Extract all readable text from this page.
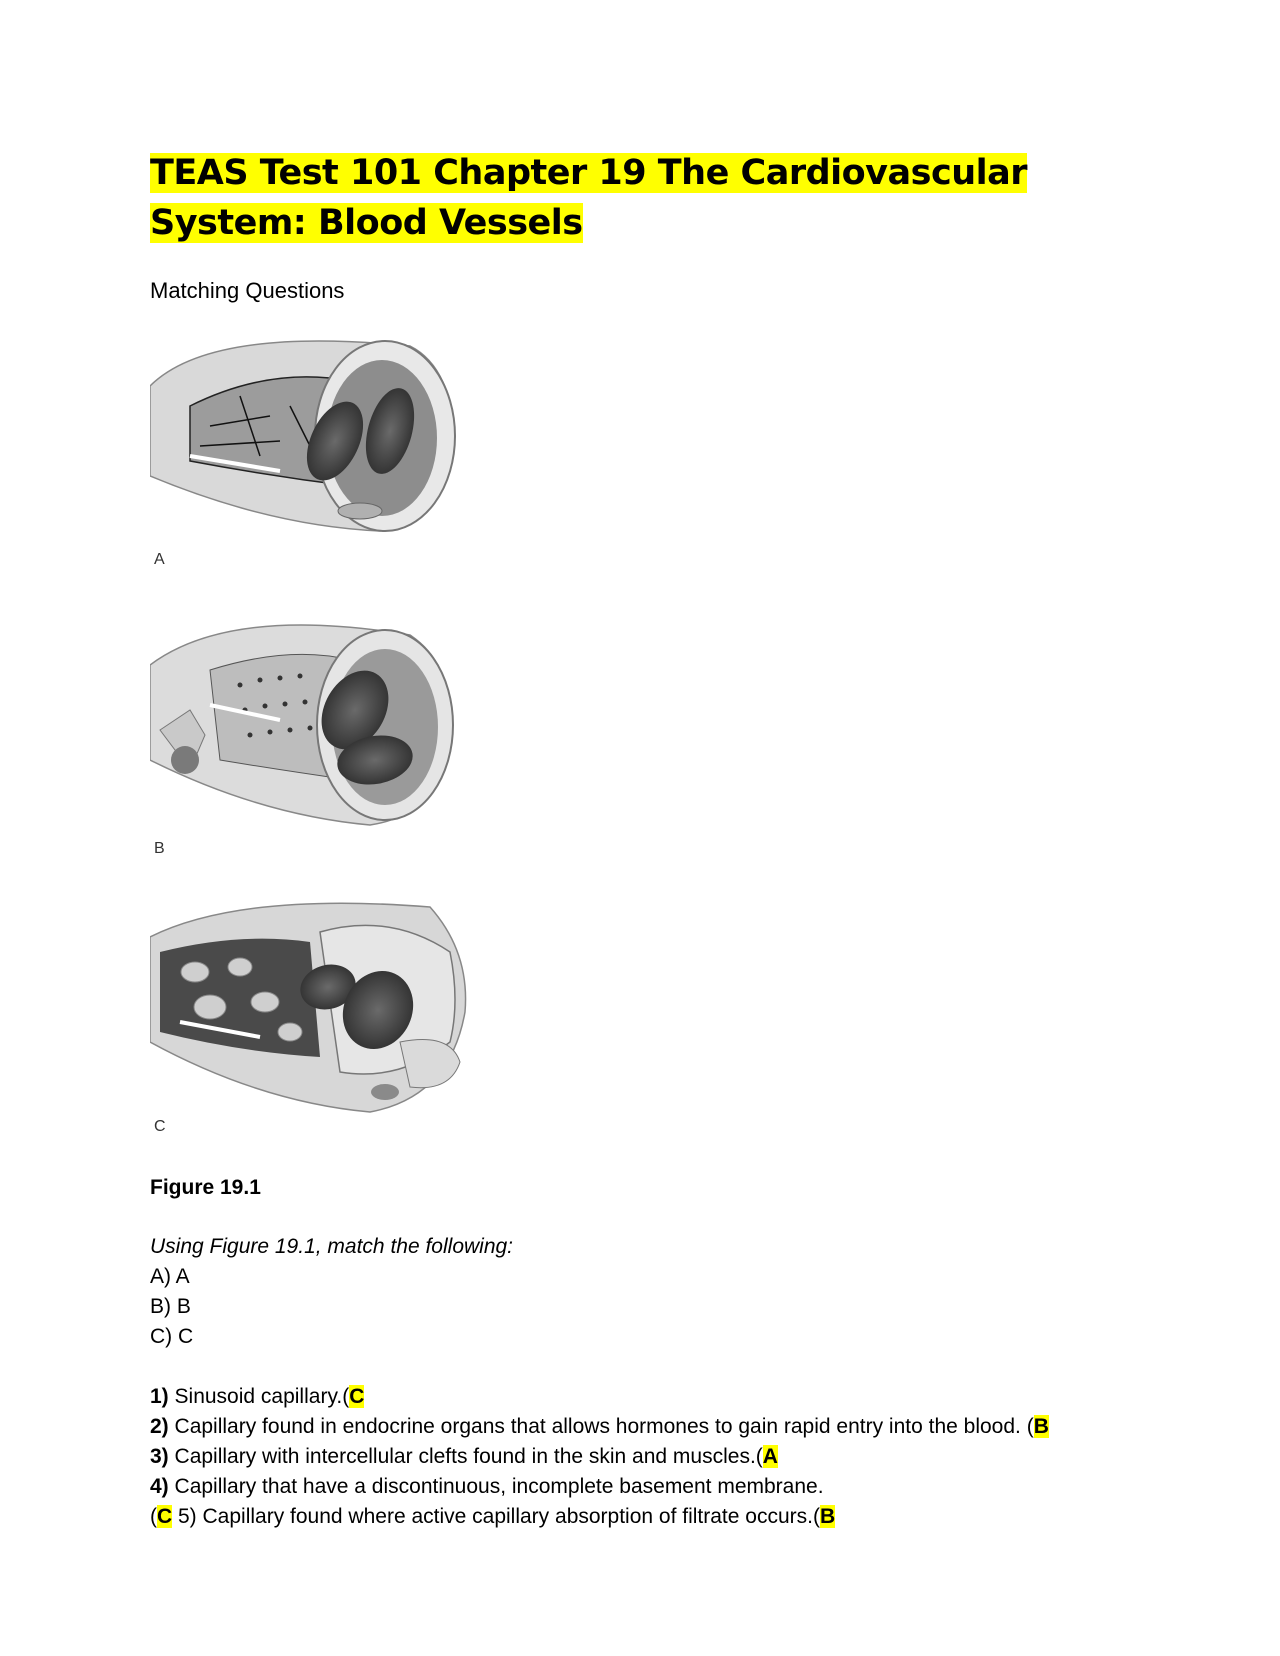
TEAS Test 101 Chapter 19 The Cardiovascular System: Blood Vessels
Matching Questions
A
B
C
Figure 19.1
Using Figure 19.1, match the following:
A) A
B) B
C) C
1) Sinusoid capillary.(C
2) Capillary found in endocrine organs that allows hormones to gain rapid entry into the blood. (B
3) Capillary with intercellular clefts found in the skin and muscles.(A
4) Capillary that have a discontinuous, incomplete basement membrane.
(C 5) Capillary found where active capillary absorption of filtrate occurs.(B
